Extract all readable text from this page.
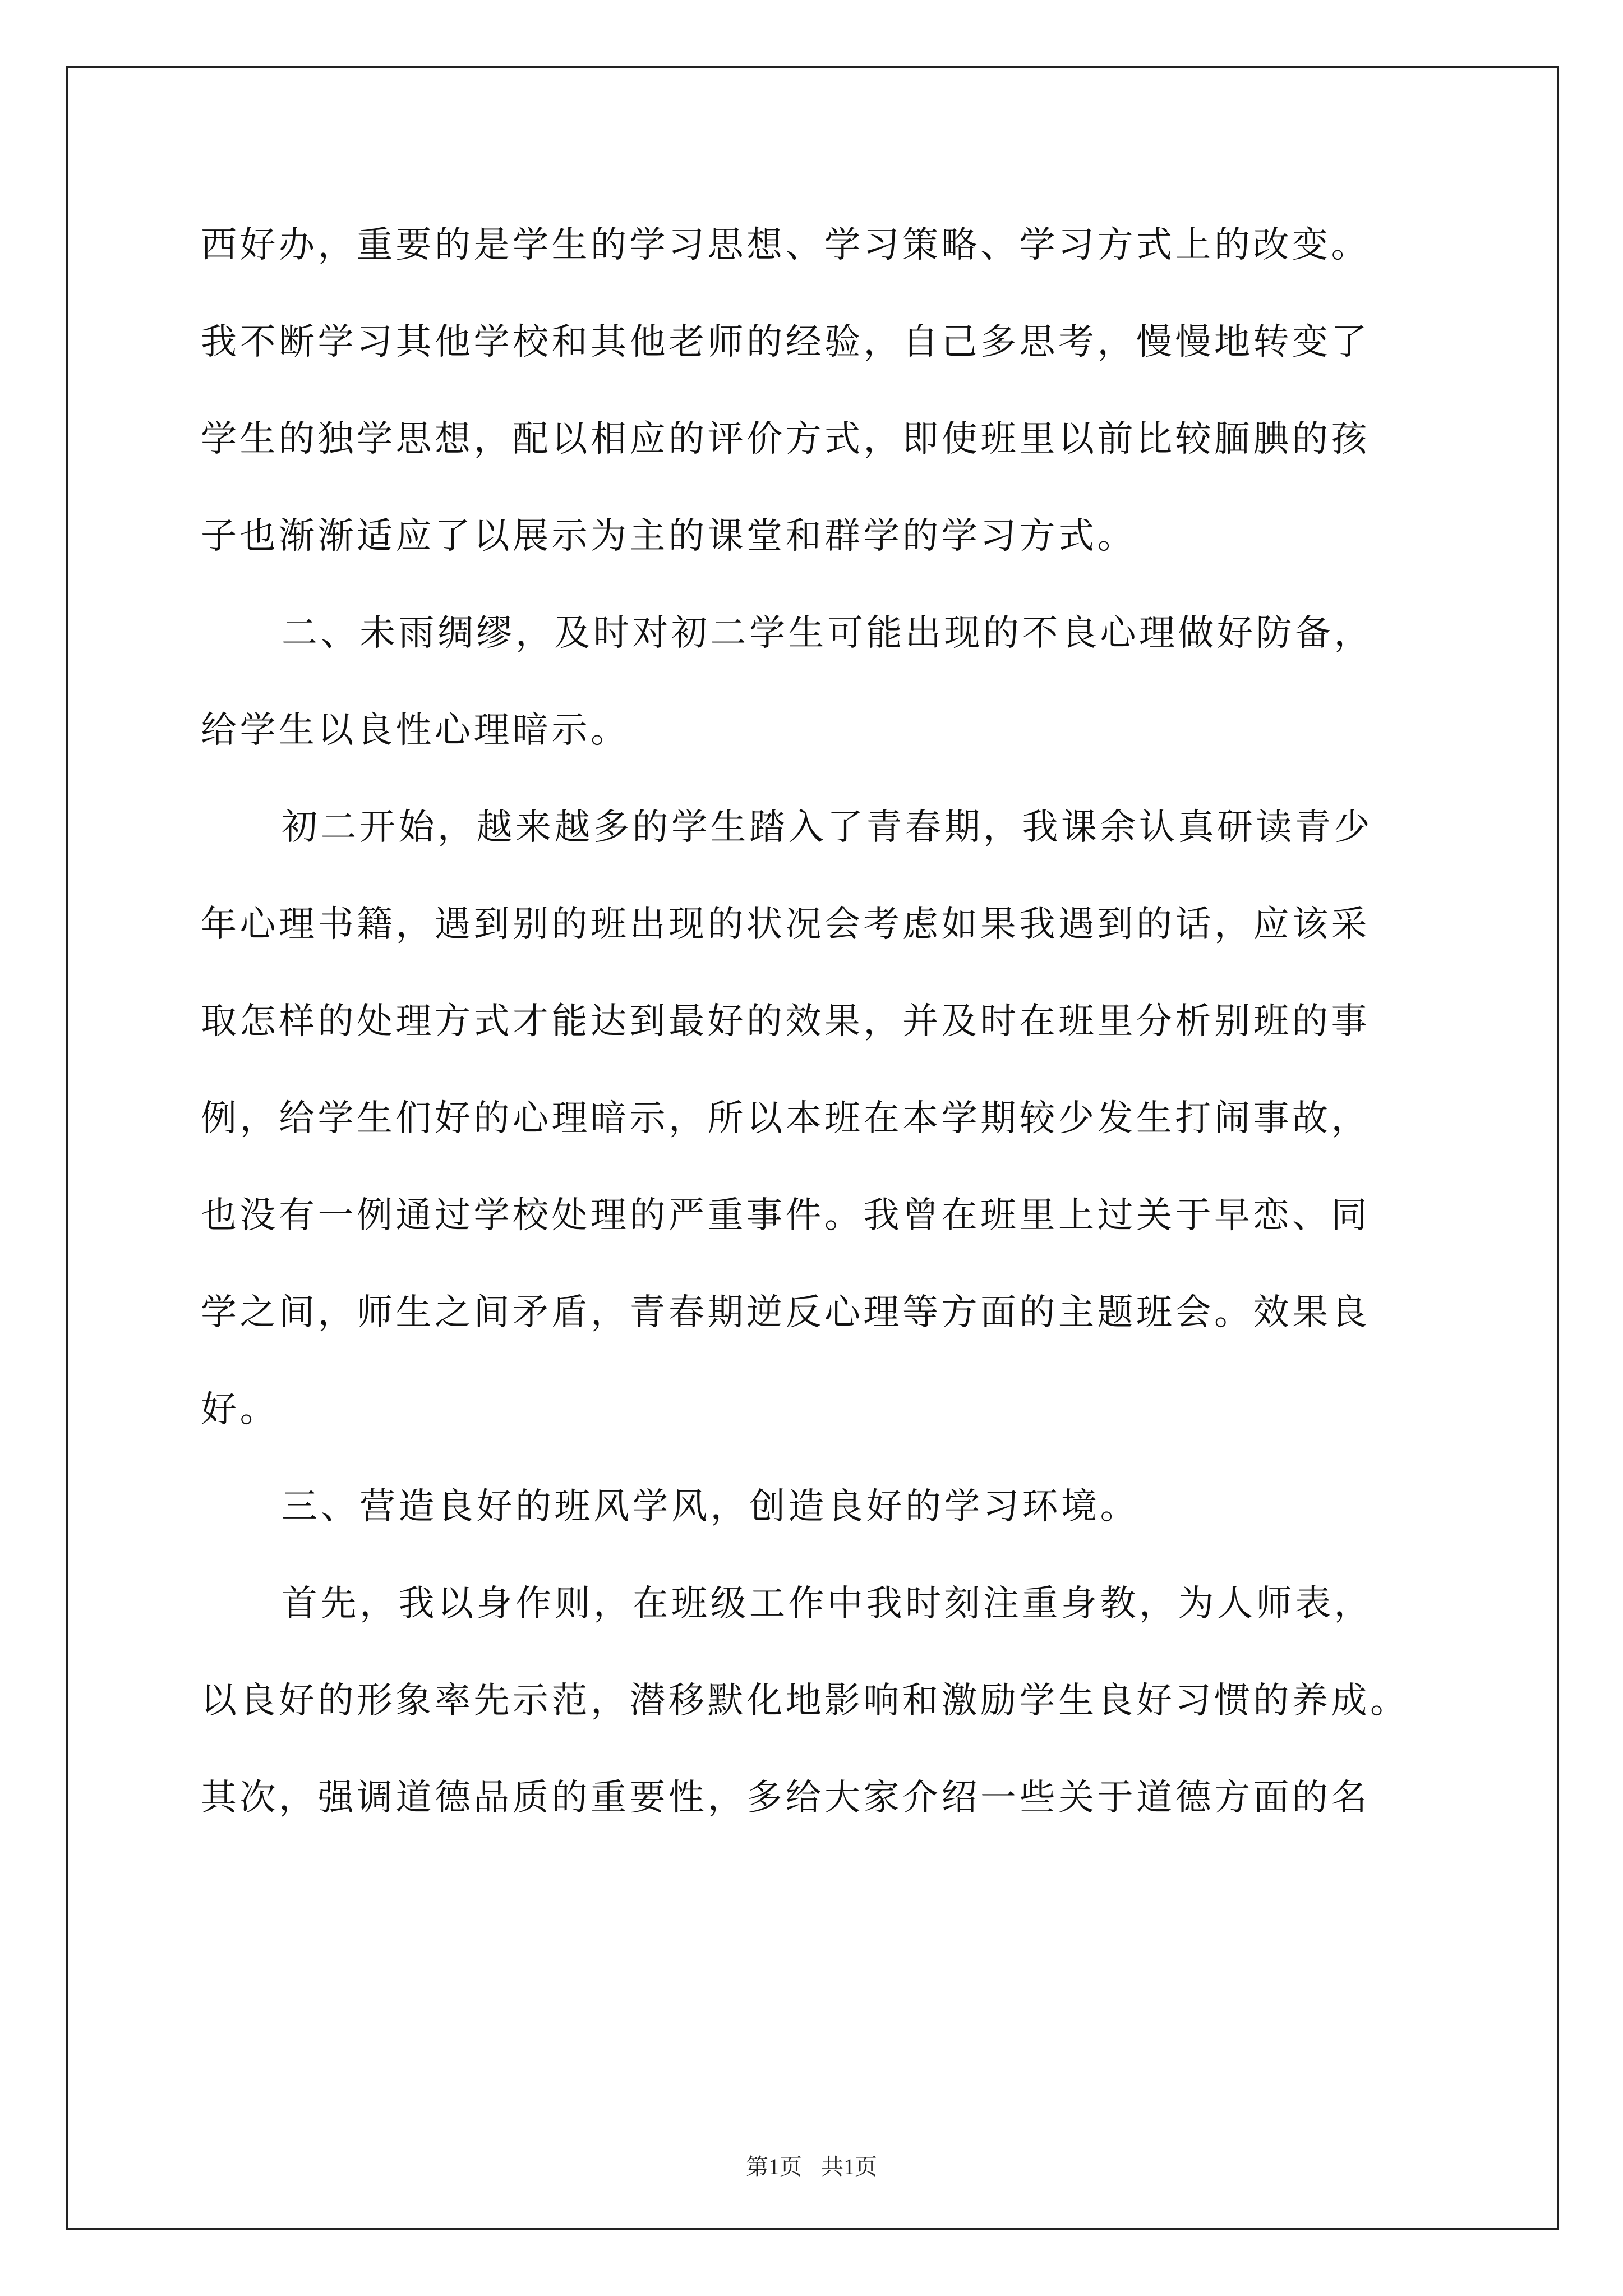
西好办，重要的是学生的学习思想、学习策略、学习方式上的改变。
我不断学习其他学校和其他老师的经验，自己多思考，慢慢地转变了
学生的独学思想，配以相应的评价方式，即使班里以前比较腼腆的孩
子也渐渐适应了以展示为主的课堂和群学的学习方式。
二、未雨绸缪，及时对初二学生可能出现的不良心理做好防备，
给学生以良性心理暗示。
初二开始，越来越多的学生踏入了青春期，我课余认真研读青少
年心理书籍，遇到别的班出现的状况会考虑如果我遇到的话，应该采
取怎样的处理方式才能达到最好的效果，并及时在班里分析别班的事
例，给学生们好的心理暗示，所以本班在本学期较少发生打闹事故，
也没有一例通过学校处理的严重事件。我曾在班里上过关于早恋、同
学之间，师生之间矛盾，青春期逆反心理等方面的主题班会。效果良
好。
三、营造良好的班风学风，创造良好的学习环境。
首先，我以身作则，在班级工作中我时刻注重身教，为人师表，
以良好的形象率先示范，潜移默化地影响和激励学生良好习惯的养成。
其次，强调道德品质的重要性，多给大家介绍一些关于道德方面的名
第1页 共1页
